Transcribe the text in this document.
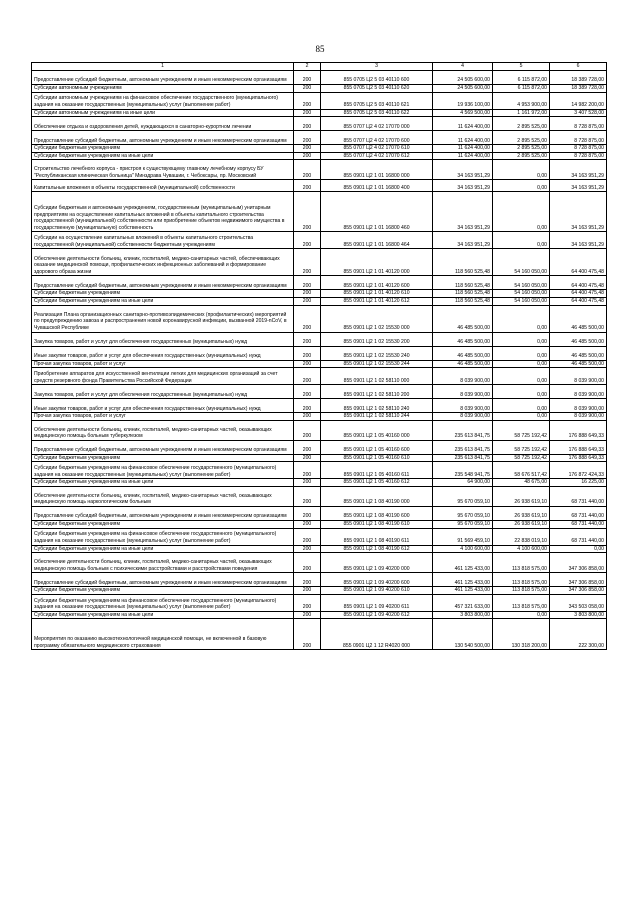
85
1	2	3	4	5	6
Предоставление субсидий бюджетным, автономным учреждениям и иным некоммерческим организациям	200	855 0705 Ц2 5 03 40110 600	24 505 600,00	6 115 872,00	18 389 728,00
Субсидии автономным учреждениям	200	855 0705 Ц2 5 03 40110 620	24 505 600,00	6 115 872,00	18 389 728,00
Субсидии автономным учреждениям на финансовое обеспечение государственного (муниципального) задания на оказание государственных (муниципальных) услуг (выполнение работ)	200	855 0705 Ц2 5 03 40110 621	19 936 100,00	4 953 900,00	14 982 200,00
Субсидии автономным учреждениям на иные цели	200	855 0705 Ц2 5 03 40110 622	4 569 500,00	1 161 972,00	3 407 528,00
Обеспечение отдыха и оздоровления детей, нуждающихся в санаторно-курортном лечении	200	855 0707 Ц2 4 02 17070 000	11 624 400,00	2 895 525,00	8 728 875,00
Предоставление субсидий бюджетным, автономным учреждениям и иным некоммерческим организациям	200	855 0707 Ц2 4 02 17070 600	11 624 400,00	2 895 525,00	8 728 875,00
Субсидии бюджетным учреждениям	200	855 0707 Ц2 4 02 17070 610	11 624 400,00	2 895 525,00	8 728 875,00
Субсидии бюджетным учреждениям на иные цели	200	855 0707 Ц2 4 02 17070 612	11 624 400,00	2 895 525,00	8 728 875,00
Строительство лечебного корпуса - пристроя к существующему главному лечебному корпусу БУ "Республиканская клиническая больница" Минздрава Чувашии, г. Чебоксары, пр. Московский	200	855 0901 Ц2 1 01 16800 000	34 163 951,29	0,00	34 163 951,29
Капитальные вложения в объекты государственной (муниципальной) собственности	200	855 0901 Ц2 1 01 16800 400	34 163 951,29	0,00	34 163 951,29
Субсидии бюджетным и автономным учреждениям, государственным (муниципальным) унитарным предприятиям на осуществление капитальных вложений в объекты капитального строительства государственной (муниципальной) собственности или приобретение объектов недвижимого имущества в государственную (муниципальную) собственность	200	855 0901 Ц2 1 01 16800 460	34 163 951,29	0,00	34 163 951,29
Субсидии на осуществление капитальных вложений в объекты капитального строительства государственной (муниципальной) собственности бюджетным учреждениям	200	855 0901 Ц2 1 01 16800 464	34 163 951,29	0,00	34 163 951,29
Обеспечение деятельности больниц, клиник, госпиталей, медико-санитарных частей, обеспечивающих оказание медицинской помощи, профилактических инфекционных заболеваний и формирование здорового образа жизни	200	855 0901 Ц2 1 01 40120 000	118 560 525,48	54 160 050,00	64 400 475,48
Предоставление субсидий бюджетным, автономным учреждениям и иным некоммерческим организациям	200	855 0901 Ц2 1 01 40120 600	118 560 525,48	54 160 050,00	64 400 475,48
Субсидии бюджетным учреждениям	200	855 0901 Ц2 1 01 40120 610	118 560 525,48	54 160 050,00	64 400 475,48
Субсидии бюджетным учреждениям на иные цели	200	855 0901 Ц2 1 01 40120 612	118 560 525,48	54 160 050,00	64 400 475,48
Реализация Плана организационных санитарно-противоэпидемических (профилактических) мероприятий по предупреждению завоза и распространения новой коронавирусной инфекции, вызванной 2019-nCoV, в Чувашской Республике	200	855 0901 Ц2 1 02 15530 000	46 485 500,00	0,00	46 485 500,00
Закупка товаров, работ и услуг для обеспечения государственных (муниципальных) нужд	200	855 0901 Ц2 1 02 15530 200	46 485 500,00	0,00	46 485 500,00
Иные закупки товаров, работ и услуг для обеспечения государственных (муниципальных) нужд	200	855 0901 Ц2 1 02 15530 240	46 485 500,00	0,00	46 485 500,00
Прочая закупка товаров, работ и услуг	200	855 0901 Ц2 1 02 15530 244	46 485 500,00	0,00	46 485 500,00
Приобретение аппаратов для искусственной вентиляции легких для медицинских организаций за счет средств резервного фонда Правительства Российской Федерации	200	855 0901 Ц2 1 02 58110 000	8 039 900,00	0,00	8 039 900,00
Закупка товаров, работ и услуг для обеспечения государственных (муниципальных) нужд	200	855 0901 Ц2 1 02 58110 200	8 039 900,00	0,00	8 039 900,00
Иные закупки товаров, работ и услуг для обеспечения государственных (муниципальных) нужд	200	855 0901 Ц2 1 02 58110 240	8 039 900,00	0,00	8 039 900,00
Прочая закупка товаров, работ и услуг	200	855 0901 Ц2 1 02 58110 244	8 039 900,00	0,00	8 039 900,00
Обеспечение деятельности больниц, клиник, госпиталей, медико-санитарных частей, оказывающих медицинскую помощь больным туберкулезом	200	855 0901 Ц2 1 05 40160 000	235 613 841,75	58 725 192,42	176 888 649,33
Предоставление субсидий бюджетным, автономным учреждениям и иным некоммерческим организациям	200	855 0901 Ц2 1 05 40160 600	235 613 841,75	58 725 192,42	176 888 649,33
Субсидии бюджетным учреждениям	200	855 0901 Ц2 1 05 40160 610	235 613 841,75	58 725 192,42	176 888 649,33
Субсидии бюджетным учреждениям на финансовое обеспечение государственного (муниципального) задания на оказание государственных (муниципальных) услуг (выполнение работ)	200	855 0901 Ц2 1 05 40160 611	235 548 941,75	58 676 517,42	176 872 424,33
Субсидии бюджетным учреждениям на иные цели	200	855 0901 Ц2 1 05 40160 612	64 900,00	48 675,00	16 225,00
Обеспечение деятельности больниц, клиник, госпиталей, медико-санитарных частей, оказывающих медицинскую помощь наркологическим больным	200	855 0901 Ц2 1 08 40190 000	95 670 059,10	26 938 619,10	68 731 440,00
Предоставление субсидий бюджетным, автономным учреждениям и иным некоммерческим организациям	200	855 0901 Ц2 1 08 40190 600	95 670 059,10	26 938 619,10	68 731 440,00
Субсидии бюджетным учреждениям	200	855 0901 Ц2 1 08 40190 610	95 670 059,10	26 938 619,10	68 731 440,00
Субсидии бюджетным учреждениям на финансовое обеспечение государственного (муниципального) задания на оказание государственных (муниципальных) услуг (выполнение работ)	200	855 0901 Ц2 1 08 40190 611	91 569 459,10	22 838 019,10	68 731 440,00
Субсидии бюджетным учреждениям на иные цели	200	855 0901 Ц2 1 08 40190 612	4 100 600,00	4 100 600,00	0,00
Обеспечение деятельности больниц, клиник, госпиталей, медико-санитарных частей, оказывающих медицинскую помощь больным с психическими расстройствами и расстройствами поведения	200	855 0901 Ц2 1 09 40200 000	461 125 433,00	113 818 575,00	347 306 858,00
Предоставление субсидий бюджетным, автономным учреждениям и иным некоммерческим организациям	200	855 0901 Ц2 1 09 40200 600	461 125 433,00	113 818 575,00	347 306 858,00
Субсидии бюджетным учреждениям	200	855 0901 Ц2 1 09 40200 610	461 125 433,00	113 818 575,00	347 306 858,00
Субсидии бюджетным учреждениям на финансовое обеспечение государственного (муниципального) задания на оказание государственных (муниципальных) услуг (выполнение работ)	200	855 0901 Ц2 1 09 40200 611	457 321 633,00	113 818 575,00	343 503 058,00
Субсидии бюджетным учреждениям на иные цели	200	855 0901 Ц2 1 09 40200 612	3 803 800,00	0,00	3 803 800,00
Мероприятия по оказанию высокотехнологичной медицинской помощи, не включенной в базовую программу обязательного медицинского страхования	200	855 0901 Ц2 1 12 R4020 000	130 540 500,00	130 318 200,00	222 300,00
